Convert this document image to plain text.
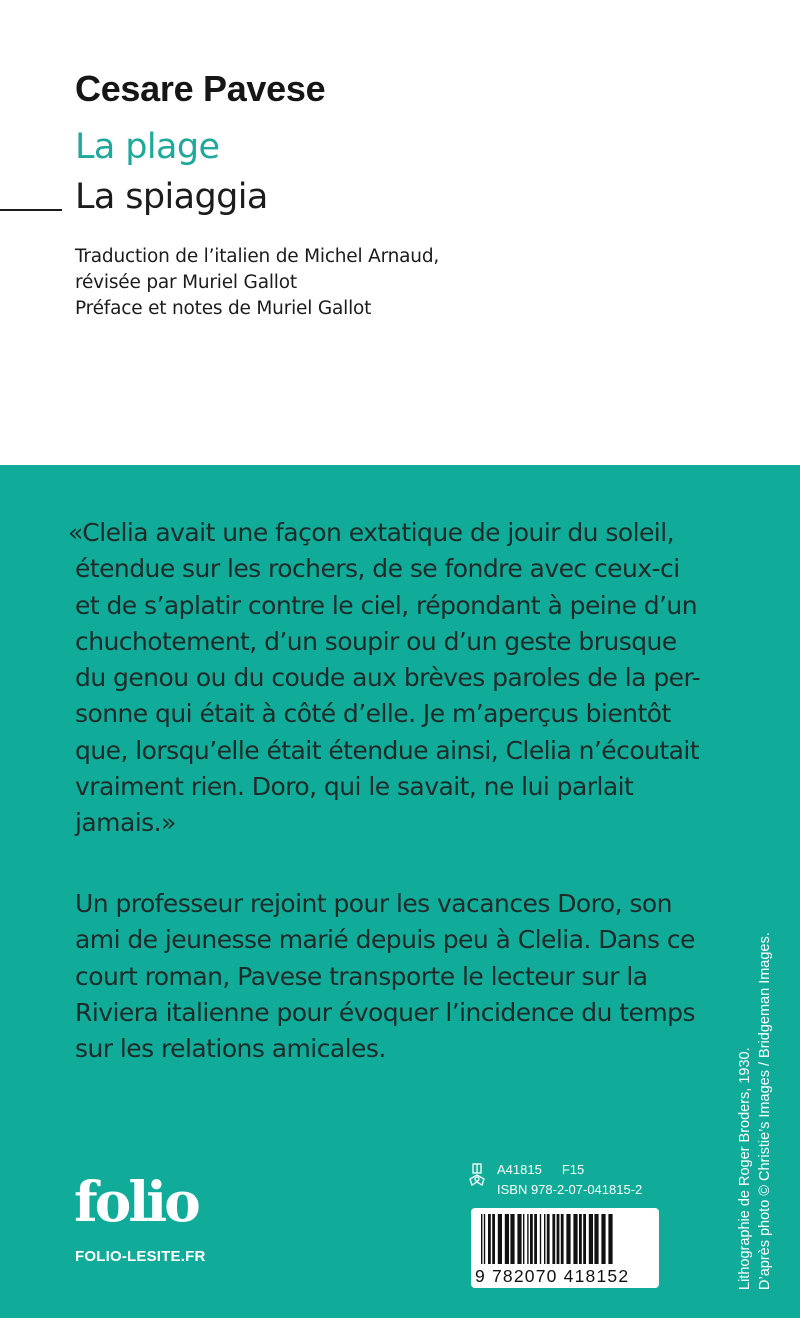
Cesare Pavese
La plage
La spiaggia
Traduction de l’italien de Michel Arnaud,
révisée par Muriel Gallot
Préface et notes de Muriel Gallot
«Clelia avait une façon extatique de jouir du soleil,
étendue sur les rochers, de se fondre avec ceux-ci
et de s’aplatir contre le ciel, répondant à peine d’un
chuchotement, d’un soupir ou d’un geste brusque
du genou ou du coude aux brèves paroles de la per-
sonne qui était à côté d’elle. Je m’aperçus bientôt
que, lorsqu’elle était étendue ainsi, Clelia n’écoutait
vraiment rien. Doro, qui le savait, ne lui parlait
jamais.»
Un professeur rejoint pour les vacances Doro, son
ami de jeunesse marié depuis peu à Clelia. Dans ce
court roman, Pavese transporte le lecteur sur la
Riviera italienne pour évoquer l’incidence du temps
sur les relations amicales.
folio
FOLIO-LESITE.FR
A41815 F15
ISBN 978-2-07-041815-2
9 782070 418152	Lithographie de Roger Broders, 1930. D’après photo © Christie’s Images / Bridgeman Images.
